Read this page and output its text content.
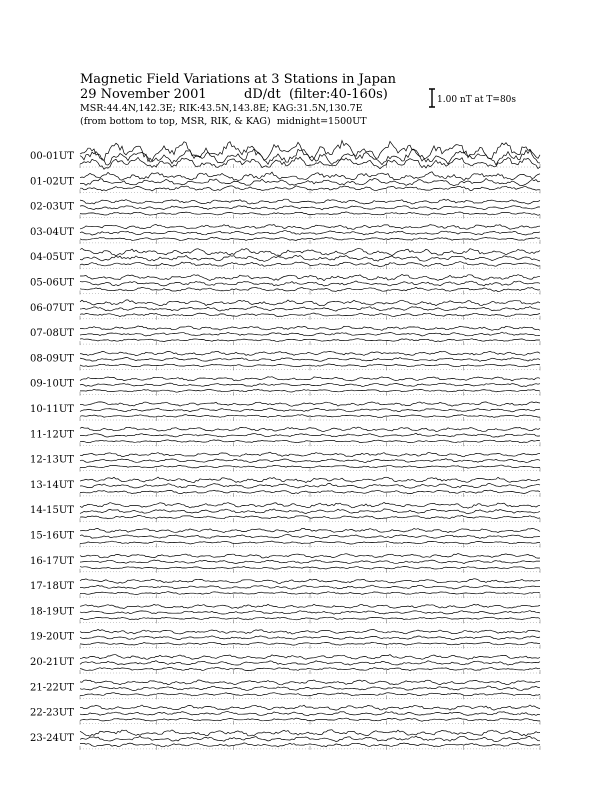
Magnetic Field Variations at 3 Stations in Japan
29 November 2001	dD/dt (filter:40-160s)
MSR:44.4N,142.3E; RIK:43.5N,143.8E; KAG:31.5N,130.7E
(from bottom to top, MSR, RIK, & KAG) midnight=1500UT
1.00 nT at T=80s
00-01UT
01-02UT
02-03UT
03-04UT
04-05UT
05-06UT
06-07UT
07-08UT
08-09UT
09-10UT
10-11UT
11-12UT
12-13UT
13-14UT
14-15UT
15-16UT
16-17UT
17-18UT
18-19UT
19-20UT
20-21UT
21-22UT
22-23UT
23-24UT
